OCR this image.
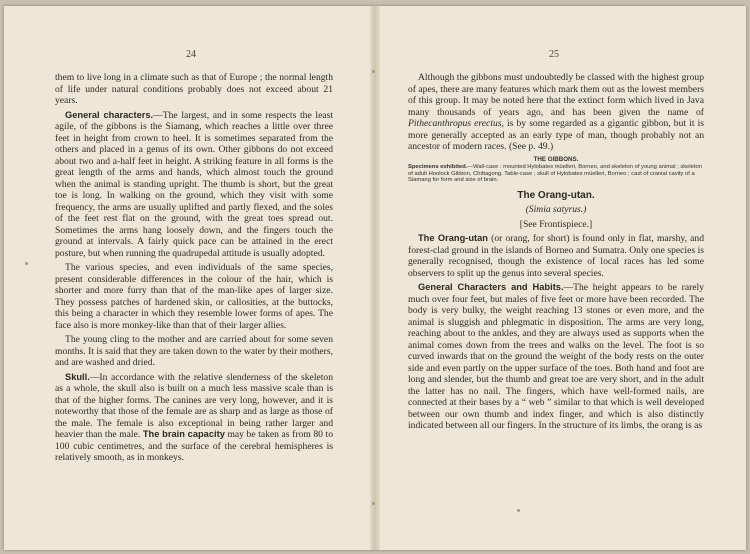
24

them to live long in a climate such as that of Europe ; the normal length of life under natural conditions probably does not exceed about 21 years.

General characters.—The largest, and in some respects the least agile, of the gibbons is the Siamang, which reaches a little over three feet in height from crown to heel. It is sometimes separated from the others and placed in a genus of its own. Other gibbons do not exceed about two and a-half feet in height. A striking feature in all forms is the great length of the arms and hands, which almost touch the ground when the animal is standing upright. The thumb is short, but the great toe is long. In walking on the ground, which they visit with some frequency, the arms are usually uplifted and partly flexed, and the soles of the feet rest flat on the ground, with the great toes spread out. Sometimes the arms hang loosely down, and the fingers touch the ground at intervals. A fairly quick pace can be attained in the erect posture, but when running the quadrupedal attitude is usually adopted.

The various species, and even individuals of the same species, present considerable differences in the colour of the hair, which is shorter and more furry than that of the man-like apes of larger size. They possess patches of hardened skin, or callosities, at the buttocks, this being a character in which they resemble lower forms of apes. The face also is more monkey-like than that of their larger allies.

The young cling to the mother and are carried about for some seven months. It is said that they are taken down to the water by their mothers, and are washed and dried.

Skull.—In accordance with the relative slenderness of the skeleton as a whole, the skull also is built on a much less massive scale than is that of the higher forms. The canines are very long, however, and it is noteworthy that those of the female are as sharp and as large as those of the male. The female is also exceptional in being rather larger and heavier than the male. The brain capacity may be taken as from 80 to 100 cubic centimetres, and the surface of the cerebral hemispheres is relatively smooth, as in monkeys.

25

Although the gibbons must undoubtedly be classed with the highest group of apes, there are many features which mark them out as the lowest members of this group. It may be noted here that the extinct form which lived in Java many thousands of years ago, and has been given the name of Pithecanthropus erectus, is by some regarded as a gigantic gibbon, but it is more generally accepted as an early type of man, though probably not an ancestor of modern races. (See p. 49.)

THE GIBBONS.
Specimens exhibited.—Wall-case : mounted Hylobates müelleri, Borneo, and skeleton of young animal ; skeleton of adult Hoolock Gibbon, Chittagong. Table-case ; skull of Hylobates müelleri, Borneo ; cast of cranial cavity of a Siamang for form and size of brain.

The Orang-utan.

(Simia satyrus.)

[See Frontispiece.]

The Orang-utan (or orang, for short) is found only in flat, marshy, and forest-clad ground in the islands of Borneo and Sumatra. Only one species is generally recognised, though the existence of local races has led some observers to split up the genus into several species.

General Characters and Habits.—The height appears to be rarely much over four feet, but males of five feet or more have been recorded. The body is very bulky, the weight reaching 13 stones or even more, and the animal is sluggish and phlegmatic in disposition. The arms are very long, reaching about to the ankles, and they are always used as supports when the animal comes down from the trees and walks on the level. The foot is so curved inwards that on the ground the weight of the body rests on the outer side and even partly on the upper surface of the toes. Both hand and foot are long and slender, but the thumb and great toe are very short, and in the adult the latter has no nail. The fingers, which have well-formed nails, are connected at their bases by a “ web ” similar to that which is well developed between our own thumb and index finger, and which is also distinctly indicated between all our fingers. In the structure of its limbs, the orang is as
